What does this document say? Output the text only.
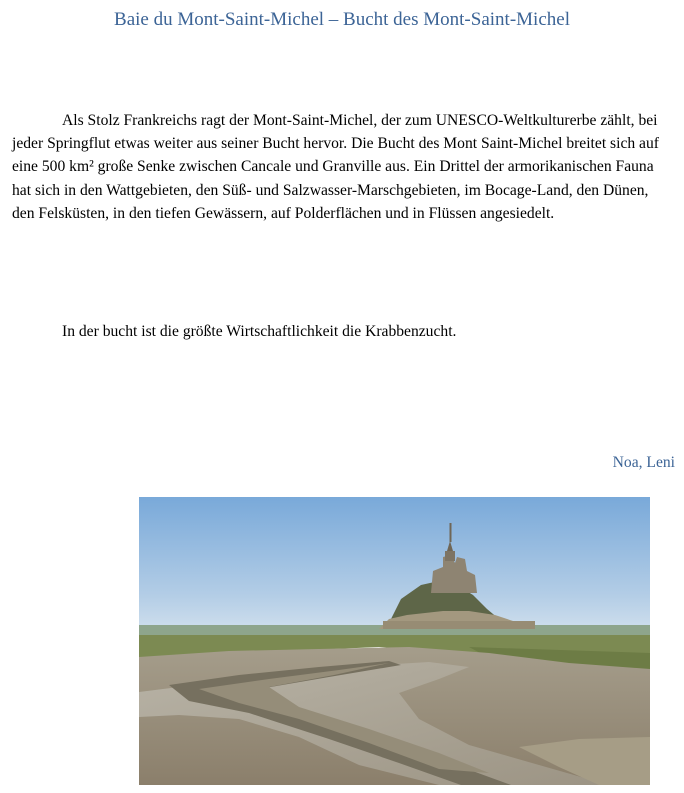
Baie du Mont-Saint-Michel – Bucht des Mont-Saint-Michel

Als Stolz Frankreichs ragt der Mont-Saint-Michel, der zum UNESCO-Weltkulturerbe zählt, bei jeder Springflut etwas weiter aus seiner Bucht hervor. Die Bucht des Mont Saint-Michel breitet sich auf eine 500 km² große Senke zwischen Cancale und Granville aus. Ein Drittel der armorikanischen Fauna hat sich in den Wattgebieten, den Süß- und Salzwasser-Marschgebieten, im Bocage-Land, den Dünen, den Felsküsten, in den tiefen Gewässern, auf Polderflächen und in Flüssen angesiedelt.

In der bucht ist die größte Wirtschaftlichkeit die Krabbenzucht.

Noa, Leni
